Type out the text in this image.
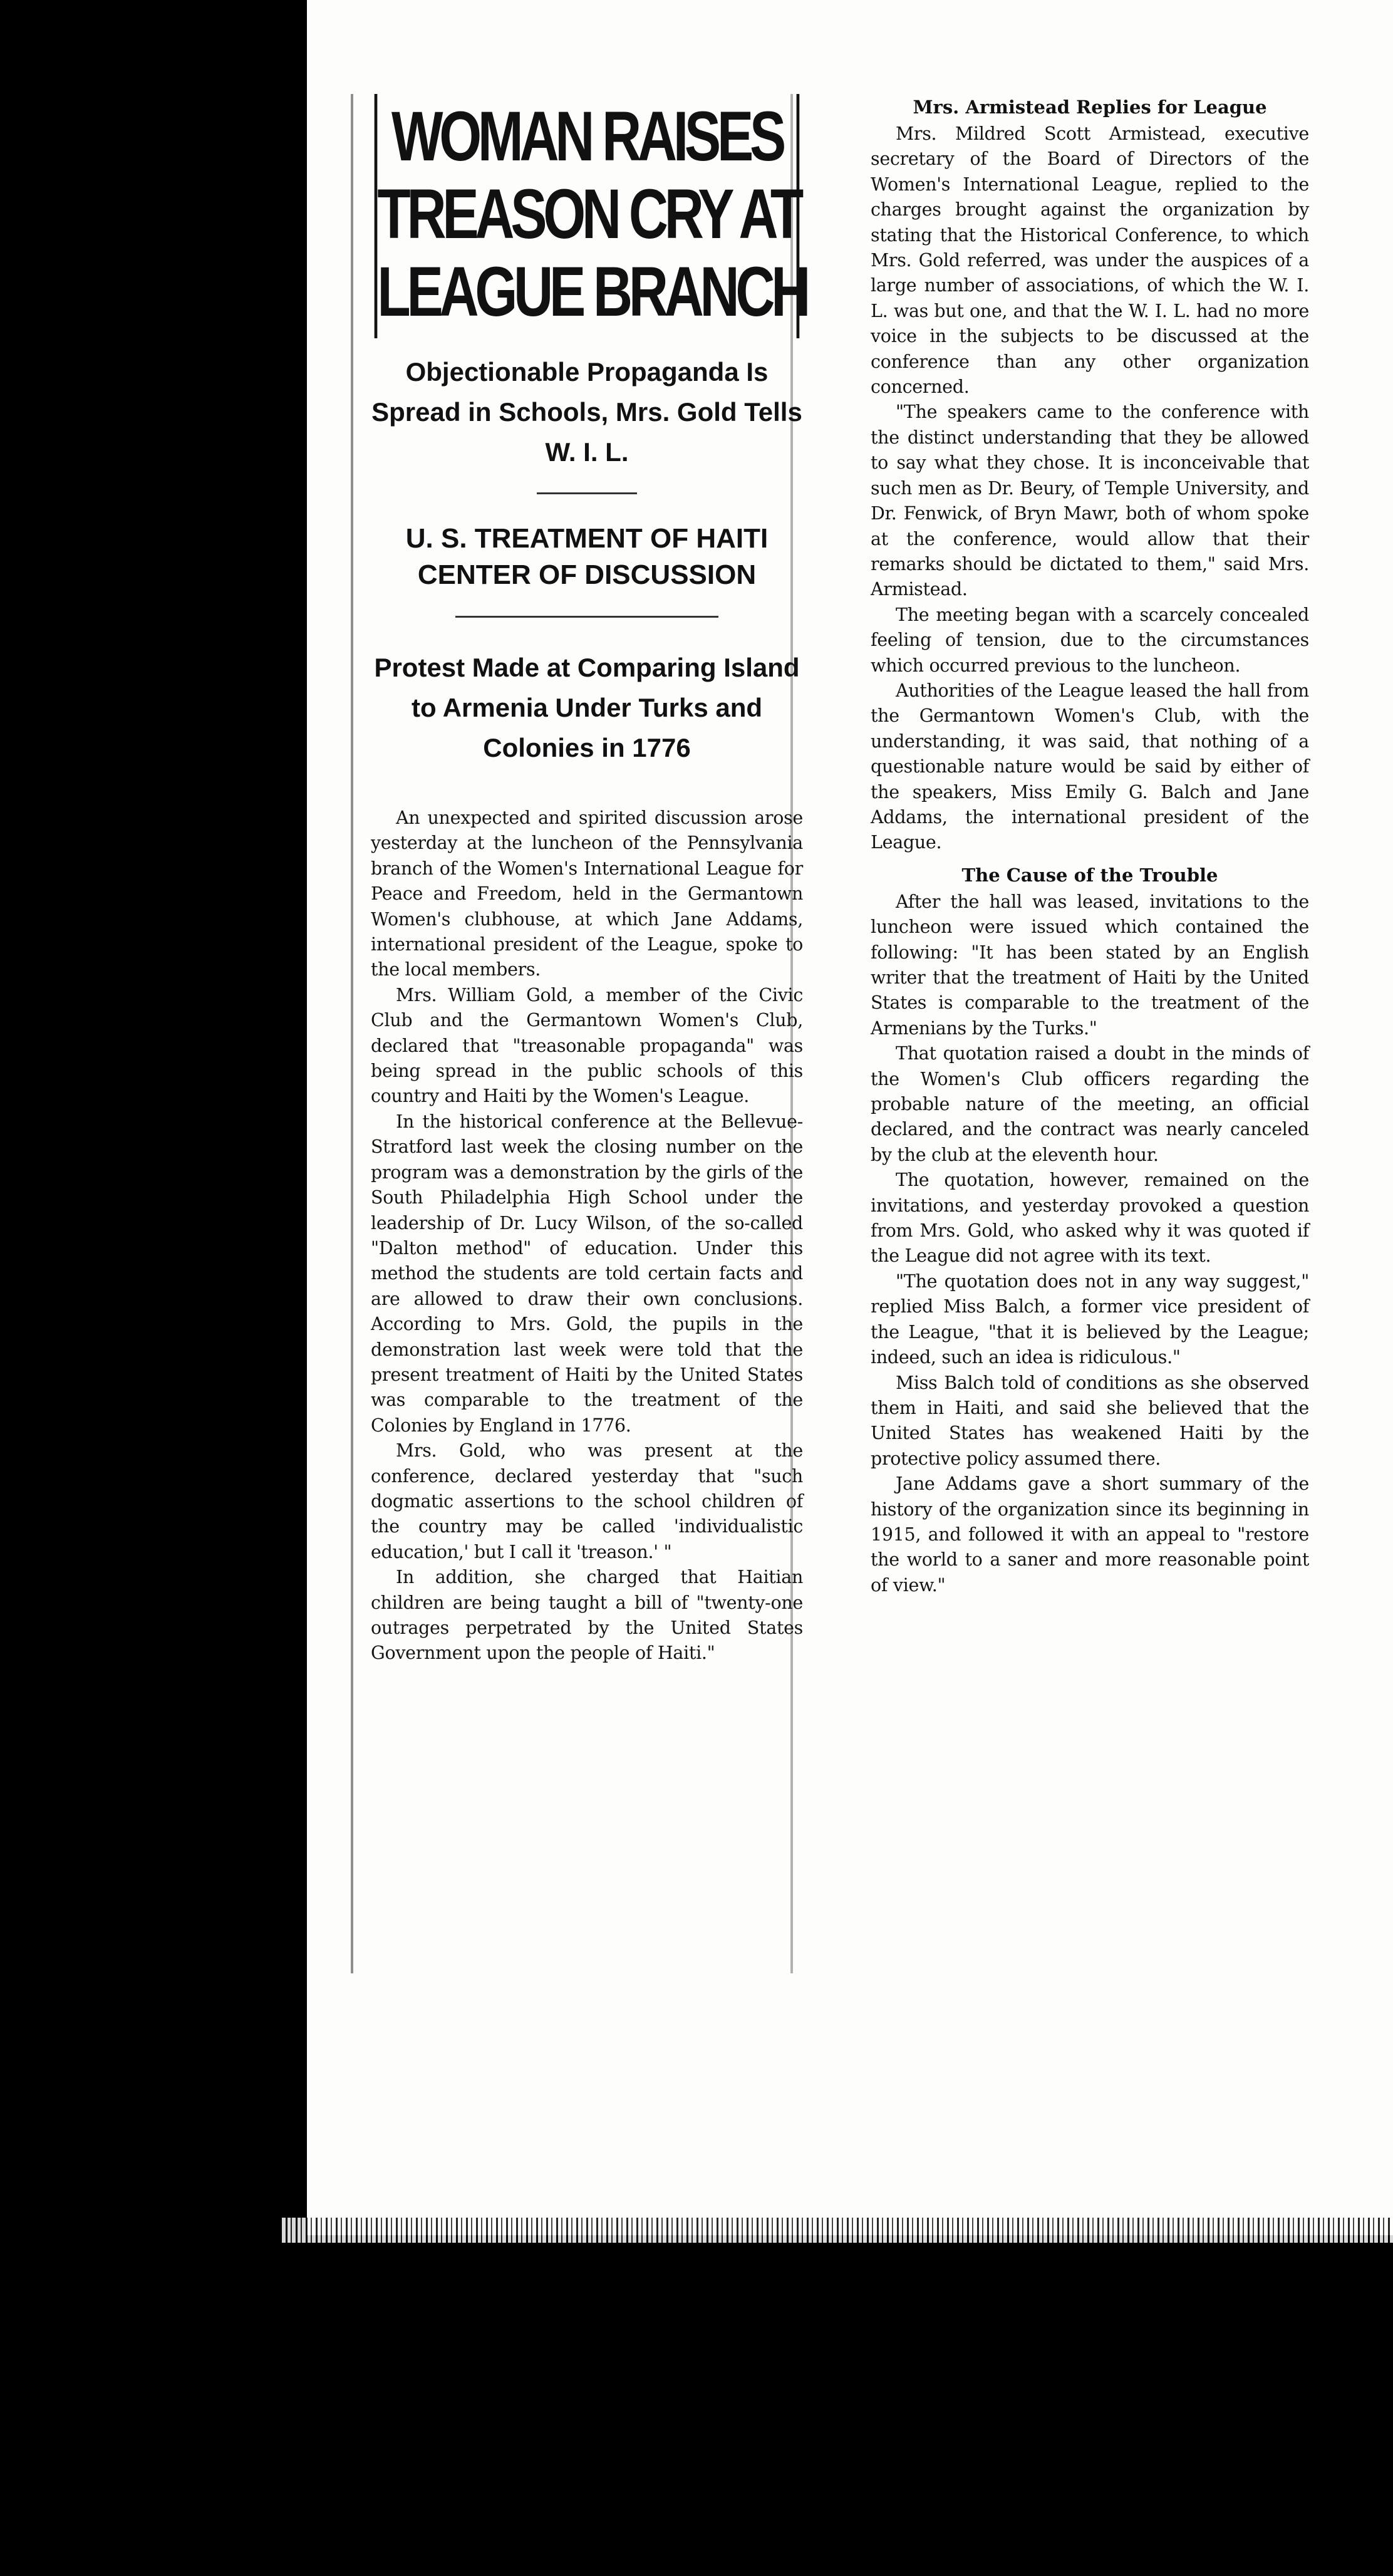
WOMAN RAISES
TREASON CRY AT
LEAGUE BRANCH
Objectionable Propaganda Is Spread in Schools, Mrs. Gold Tells W. I. L.
U. S. TREATMENT OF HAITI CENTER OF DISCUSSION
Protest Made at Comparing Island to Armenia Under Turks and Colonies in 1776

An unexpected and spirited discussion arose yesterday at the luncheon of the Pennsylvania branch of the Women's International League for Peace and Freedom, held in the Germantown Women's clubhouse, at which Jane Addams, international president of the League, spoke to the local members.

Mrs. William Gold, a member of the Civic Club and the Germantown Women's Club, declared that "treasonable propaganda" was being spread in the public schools of this country and Haiti by the Women's League.

In the historical conference at the Bellevue-Stratford last week the closing number on the program was a demonstration by the girls of the South Philadelphia High School under the leadership of Dr. Lucy Wilson, of the so-called "Dalton method" of education. Under this method the students are told certain facts and are allowed to draw their own conclusions. According to Mrs. Gold, the pupils in the demonstration last week were told that the present treatment of Haiti by the United States was comparable to the treatment of the Colonies by England in 1776.

Mrs. Gold, who was present at the conference, declared yesterday that "such dogmatic assertions to the school children of the country may be called 'individualistic education,' but I call it 'treason.' "

In addition, she charged that Haitian children are being taught a bill of "twenty-one outrages perpetrated by the United States Government upon the people of Haiti."

Mrs. Armistead Replies for League

Mrs. Mildred Scott Armistead, executive secretary of the Board of Directors of the Women's International League, replied to the charges brought against the organization by stating that the Historical Conference, to which Mrs. Gold referred, was under the auspices of a large number of associations, of which the W. I. L. was but one, and that the W. I. L. had no more voice in the subjects to be discussed at the conference than any other organization concerned.

"The speakers came to the conference with the distinct understanding that they be allowed to say what they chose. It is inconceivable that such men as Dr. Beury, of Temple University, and Dr. Fenwick, of Bryn Mawr, both of whom spoke at the conference, would allow that their remarks should be dictated to them," said Mrs. Armistead.

The meeting began with a scarcely concealed feeling of tension, due to the circumstances which occurred previous to the luncheon.

Authorities of the League leased the hall from the Germantown Women's Club, with the understanding, it was said, that nothing of a questionable nature would be said by either of the speakers, Miss Emily G. Balch and Jane Addams, the international president of the League.

The Cause of the Trouble

After the hall was leased, invitations to the luncheon were issued which contained the following: "It has been stated by an English writer that the treatment of Haiti by the United States is comparable to the treatment of the Armenians by the Turks."

That quotation raised a doubt in the minds of the Women's Club officers regarding the probable nature of the meeting, an official declared, and the contract was nearly canceled by the club at the eleventh hour.

The quotation, however, remained on the invitations, and yesterday provoked a question from Mrs. Gold, who asked why it was quoted if the League did not agree with its text.

"The quotation does not in any way suggest," replied Miss Balch, a former vice president of the League, "that it is believed by the League; indeed, such an idea is ridiculous."

Miss Balch told of conditions as she observed them in Haiti, and said she believed that the United States has weakened Haiti by the protective policy assumed there.

Jane Addams gave a short summary of the history of the organization since its beginning in 1915, and followed it with an appeal to "restore the world to a saner and more reasonable point of view."
